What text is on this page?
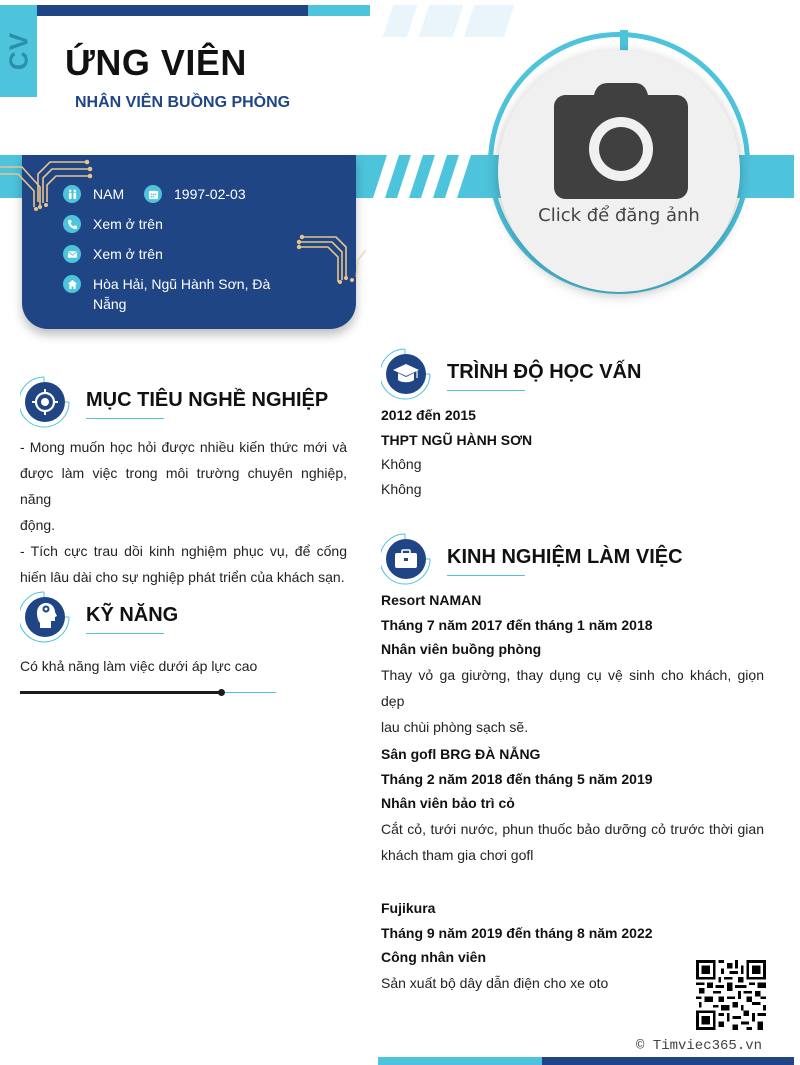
CV ỨNG VIÊN
NHÂN VIÊN BUỒNG PHÒNG
NAM	1997-02-03
Xem ở trên
Xem ở trên
Hòa Hải, Ngũ Hành Sơn, Đà
Nẵng
Click để đăng ảnh
MỤC TIÊU NGHỀ NGHIỆP
- Mong muốn học hỏi được nhiều kiến thức mới và
được làm việc trong môi trường chuyên nghiệp, năng
động.
- Tích cực trau dồi kinh nghiệm phục vụ, để cống
hiến lâu dài cho sự nghiệp phát triển của khách sạn.
KỸ NĂNG
Có khả năng làm việc dưới áp lực cao
TRÌNH ĐỘ HỌC VẤN
2012 đến 2015
THPT NGŨ HÀNH SƠN
Không
Không
KINH NGHIỆM LÀM VIỆC
Resort NAMAN
Tháng 7 năm 2017 đến tháng 1 năm 2018
Nhân viên buồng phòng
Thay vỏ ga giường, thay dụng cụ vệ sinh cho khách, giọn dẹp
lau chùi phòng sạch sẽ.
Sân gofl BRG ĐÀ NẴNG
Tháng 2 năm 2018 đến tháng 5 năm 2019
Nhân viên bảo trì cỏ
Cắt cỏ, tưới nước, phun thuốc bảo dưỡng cỏ trước thời gian
khách tham gia chơi gofl
Fujikura
Tháng 9 năm 2019 đến tháng 8 năm 2022
Công nhân viên
Sản xuất bộ dây dẫn điện cho xe oto
© Timviec365.vn
